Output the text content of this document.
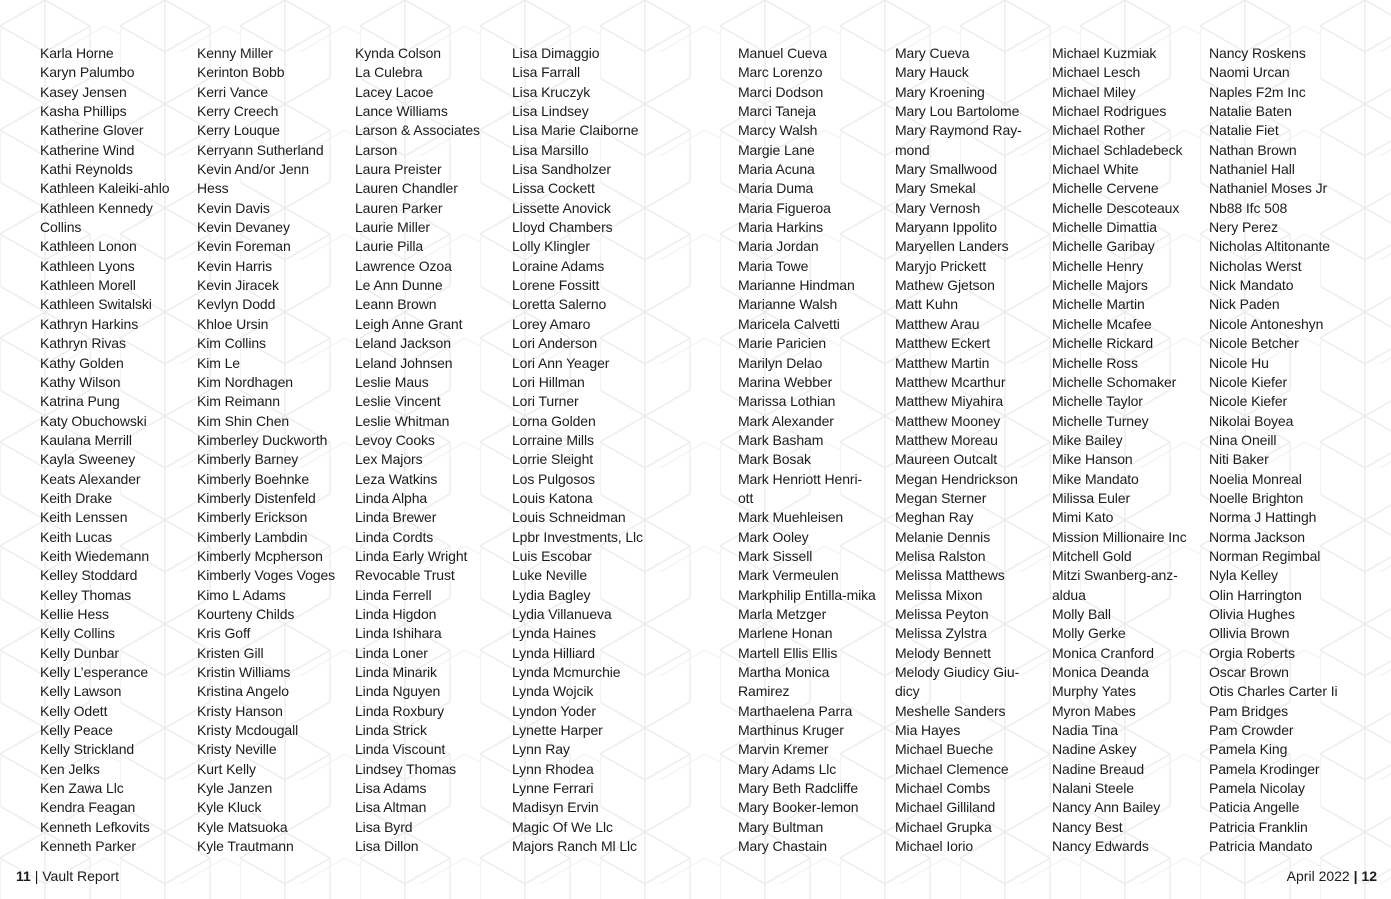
Karla Horne
Karyn Palumbo
Kasey Jensen
Kasha Phillips
Katherine Glover
Katherine Wind
Kathi Reynolds
Kathleen Kaleiki-ahlo
Kathleen Kennedy
Collins
Kathleen Lonon
Kathleen Lyons
Kathleen Morell
Kathleen Switalski
Kathryn Harkins
Kathryn Rivas
Kathy Golden
Kathy Wilson
Katrina Pung
Katy Obuchowski
Kaulana Merrill
Kayla Sweeney
Keats Alexander
Keith Drake
Keith Lenssen
Keith Lucas
Keith Wiedemann
Kelley Stoddard
Kelley Thomas
Kellie Hess
Kelly Collins
Kelly Dunbar
Kelly L’esperance
Kelly Lawson
Kelly Odett
Kelly Peace
Kelly Strickland
Ken Jelks
Ken Zawa Llc
Kendra Feagan
Kenneth Lefkovits
Kenneth Parker
Kenny Miller
Kerinton Bobb
Kerri Vance
Kerry Creech
Kerry Louque
Kerryann Sutherland
Kevin And/or Jenn
Hess
Kevin Davis
Kevin Devaney
Kevin Foreman
Kevin Harris
Kevin Jiracek
Kevlyn Dodd
Khloe Ursin
Kim Collins
Kim Le
Kim Nordhagen
Kim Reimann
Kim Shin Chen
Kimberley Duckworth
Kimberly Barney
Kimberly Boehnke
Kimberly Distenfeld
Kimberly Erickson
Kimberly Lambdin
Kimberly Mcpherson
Kimberly Voges Voges
Kimo L Adams
Kourteny Childs
Kris Goff
Kristen Gill
Kristin Williams
Kristina Angelo
Kristy Hanson
Kristy Mcdougall
Kristy Neville
Kurt Kelly
Kyle Janzen
Kyle Kluck
Kyle Matsuoka
Kyle Trautmann
Kynda Colson
La Culebra
Lacey Lacoe
Lance Williams
Larson & Associates
Larson
Laura Preister
Lauren Chandler
Lauren Parker
Laurie Miller
Laurie Pilla
Lawrence Ozoa
Le Ann Dunne
Leann Brown
Leigh Anne Grant
Leland Jackson
Leland Johnsen
Leslie Maus
Leslie Vincent
Leslie Whitman
Levoy Cooks
Lex Majors
Leza Watkins
Linda Alpha
Linda Brewer
Linda Cordts
Linda Early Wright
Revocable Trust
Linda Ferrell
Linda Higdon
Linda Ishihara
Linda Loner
Linda Minarik
Linda Nguyen
Linda Roxbury
Linda Strick
Linda Viscount
Lindsey Thomas
Lisa Adams
Lisa Altman
Lisa Byrd
Lisa Dillon
Lisa Dimaggio
Lisa Farrall
Lisa Kruczyk
Lisa Lindsey
Lisa Marie Claiborne
Lisa Marsillo
Lisa Sandholzer
Lissa Cockett
Lissette Anovick
Lloyd Chambers
Lolly Klingler
Loraine Adams
Lorene Fossitt
Loretta Salerno
Lorey Amaro
Lori Anderson
Lori Ann Yeager
Lori Hillman
Lori Turner
Lorna Golden
Lorraine Mills
Lorrie Sleight
Los Pulgosos
Louis Katona
Louis Schneidman
Lpbr Investments, Llc
Luis Escobar
Luke Neville
Lydia Bagley
Lydia Villanueva
Lynda Haines
Lynda Hilliard
Lynda Mcmurchie
Lynda Wojcik
Lyndon Yoder
Lynette Harper
Lynn Ray
Lynn Rhodea
Lynne Ferrari
Madisyn Ervin
Magic Of We Llc
Majors Ranch Ml Llc
Manuel Cueva
Marc Lorenzo
Marci Dodson
Marci Taneja
Marcy Walsh
Margie Lane
Maria Acuna
Maria Duma
Maria Figueroa
Maria Harkins
Maria Jordan
Maria Towe
Marianne Hindman
Marianne Walsh
Maricela Calvetti
Marie Paricien
Marilyn Delao
Marina Webber
Marissa Lothian
Mark Alexander
Mark Basham
Mark Bosak
Mark Henriott Henri-
ott
Mark Muehleisen
Mark Ooley
Mark Sissell
Mark Vermeulen
Markphilip Entilla-mika
Marla Metzger
Marlene Honan
Martell Ellis Ellis
Martha Monica
Ramirez
Marthaelena Parra
Marthinus Kruger
Marvin Kremer
Mary Adams Llc
Mary Beth Radcliffe
Mary Booker-lemon
Mary Bultman
Mary Chastain
Mary Cueva
Mary Hauck
Mary Kroening
Mary Lou Bartolome
Mary Raymond Ray-
mond
Mary Smallwood
Mary Smekal
Mary Vernosh
Maryann Ippolito
Maryellen Landers
Maryjo Prickett
Mathew Gjetson
Matt Kuhn
Matthew Arau
Matthew Eckert
Matthew Martin
Matthew Mcarthur
Matthew Miyahira
Matthew Mooney
Matthew Moreau
Maureen Outcalt
Megan Hendrickson
Megan Sterner
Meghan Ray
Melanie Dennis
Melisa Ralston
Melissa Matthews
Melissa Mixon
Melissa Peyton
Melissa Zylstra
Melody Bennett
Melody Giudicy Giu-
dicy
Meshelle Sanders
Mia Hayes
Michael Bueche
Michael Clemence
Michael Combs
Michael Gilliland
Michael Grupka
Michael Iorio
Michael Kuzmiak
Michael Lesch
Michael Miley
Michael Rodrigues
Michael Rother
Michael Schladebeck
Michael White
Michelle Cervene
Michelle Descoteaux
Michelle Dimattia
Michelle Garibay
Michelle Henry
Michelle Majors
Michelle Martin
Michelle Mcafee
Michelle Rickard
Michelle Ross
Michelle Schomaker
Michelle Taylor
Michelle Turney
Mike Bailey
Mike Hanson
Mike Mandato
Milissa Euler
Mimi Kato
Mission Millionaire Inc
Mitchell Gold
Mitzi Swanberg-anz-
aldua
Molly Ball
Molly Gerke
Monica Cranford
Monica Deanda
Murphy Yates
Myron Mabes
Nadia Tina
Nadine Askey
Nadine Breaud
Nalani Steele
Nancy Ann Bailey
Nancy Best
Nancy Edwards
Nancy Roskens
Naomi Urcan
Naples F2m Inc
Natalie Baten
Natalie Fiet
Nathan Brown
Nathaniel Hall
Nathaniel Moses Jr
Nb88 Ifc 508
Nery Perez
Nicholas Altitonante
Nicholas Werst
Nick Mandato
Nick Paden
Nicole Antoneshyn
Nicole Betcher
Nicole Hu
Nicole Kiefer
Nicole Kiefer
Nikolai Boyea
Nina Oneill
Niti Baker
Noelia Monreal
Noelle Brighton
Norma J Hattingh
Norma Jackson
Norman Regimbal
Nyla Kelley
Olin Harrington
Olivia Hughes
Ollivia Brown
Orgia Roberts
Oscar Brown
Otis Charles Carter Ii
Pam Bridges
Pam Crowder
Pamela King
Pamela Krodinger
Pamela Nicolay
Paticia Angelle
Patricia Franklin
Patricia Mandato
11 | Vault Report	April 2022 | 12
